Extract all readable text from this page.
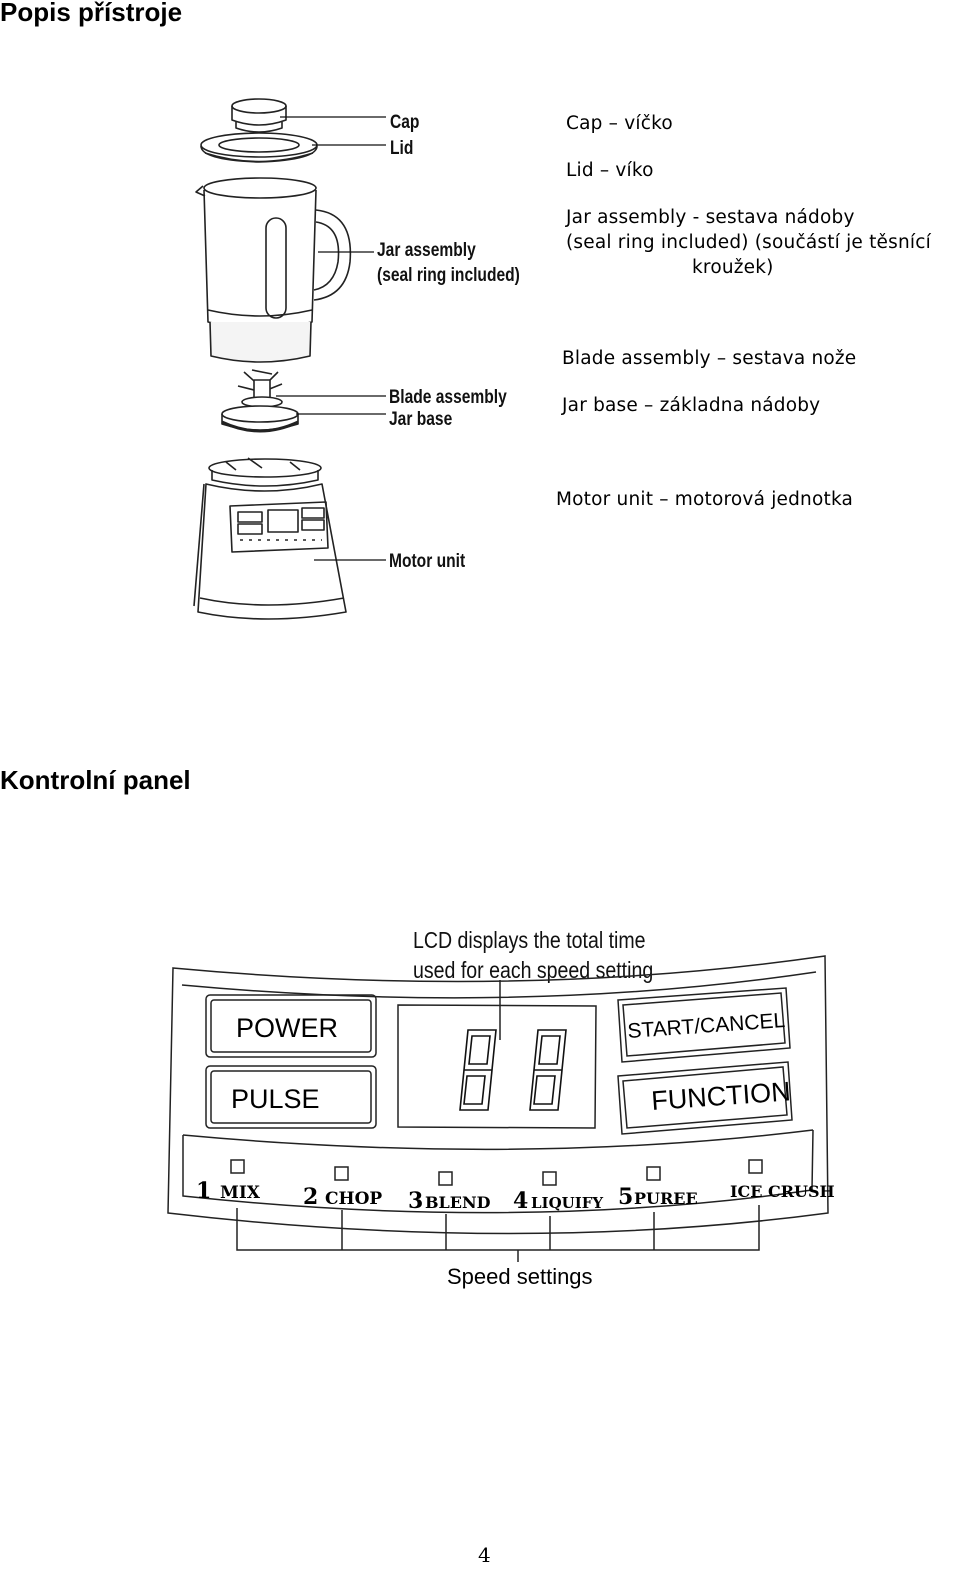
Popis přístroje
Kontrolní panel
Cap
Lid
Jar assembly
(seal ring included)
Blade assembly
Jar base
Motor unit
Cap – víčko
Lid – víko
Jar assembly - sestava nádoby
(seal ring included) (součástí je těsnící
kroužek)
Blade assembly – sestava nože
Jar base – základna nádoby
Motor unit – motorová jednotka
LCD displays the total time
used for each speed setting
POWER
PULSE
START/CANCEL
FUNCTION
1 MIX 2 CHOP 3 BLEND 4 LIQUIFY 5 PUREE ICE CRUSH
Speed settings
4
